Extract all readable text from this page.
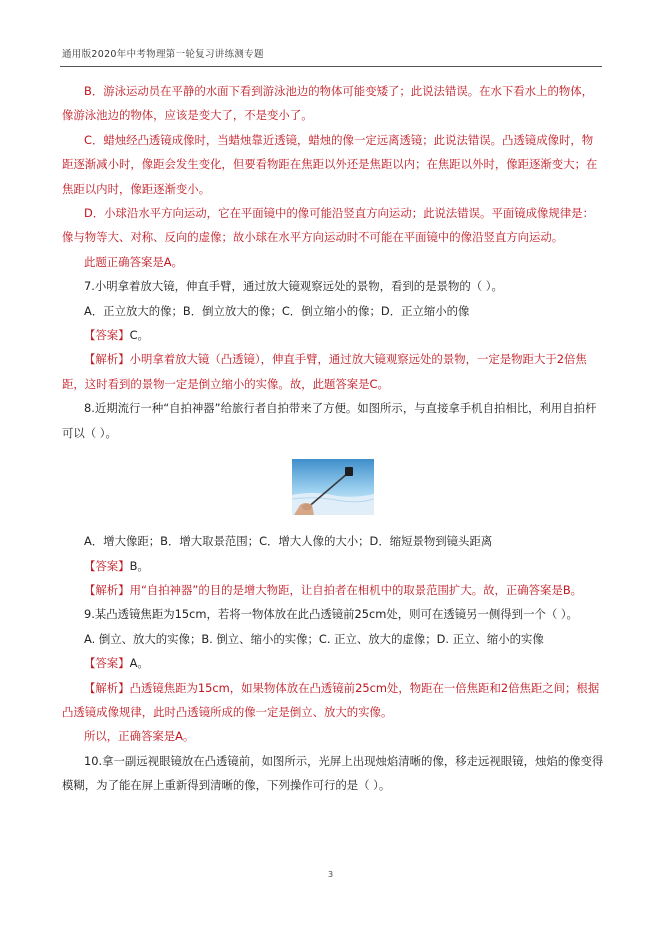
通用版2020年中考物理第一轮复习讲练测专题

B．游泳运动员在平静的水面下看到游泳池边的物体可能变矮了；此说法错误。在水下看水上的物体，像游泳池边的物体，应该是变大了，不是变小了。

C．蜡烛经凸透镜成像时，当蜡烛靠近透镜，蜡烛的像一定远离透镜；此说法错误。凸透镜成像时，物距逐渐减小时，像距会发生变化，但要看物距在焦距以外还是焦距以内；在焦距以外时，像距逐渐变大；在焦距以内时，像距逐渐变小。

D．小球沿水平方向运动，它在平面镜中的像可能沿竖直方向运动；此说法错误。平面镜成像规律是：像与物等大、对称、反向的虚像；故小球在水平方向运动时不可能在平面镜中的像沿竖直方向运动。

此题正确答案是A。

7.小明拿着放大镜，伸直手臂，通过放大镜观察远处的景物，看到的是景物的（ ）。

A．正立放大的像；B．倒立放大的像；C．倒立缩小的像；D．正立缩小的像

【答案】C。

【解析】小明拿着放大镜（凸透镜），伸直手臂，通过放大镜观察远处的景物，一定是物距大于2倍焦距，这时看到的景物一定是倒立缩小的实像。故，此题答案是C。

8.近期流行一种“自拍神器”给旅行者自拍带来了方便。如图所示，与直接拿手机自拍相比，利用自拍杆可以（ ）。

A．增大像距；B．增大取景范围；C．增大人像的大小；D．缩短景物到镜头距离

【答案】B。

【解析】用“自拍神器”的目的是增大物距，让自拍者在相机中的取景范围扩大。故，正确答案是B。

9.某凸透镜焦距为15cm，若将一物体放在此凸透镜前25cm处，则可在透镜另一侧得到一个（ ）。

A. 倒立、放大的实像；B. 倒立、缩小的实像；C. 正立、放大的虚像；D. 正立、缩小的实像

【答案】A。

【解析】凸透镜焦距为15cm，如果物体放在凸透镜前25cm处，物距在一倍焦距和2倍焦距之间；根据凸透镜成像规律，此时凸透镜所成的像一定是倒立、放大的实像。

所以，正确答案是A。

10.拿一副远视眼镜放在凸透镜前，如图所示，光屏上出现烛焰清晰的像，移走远视眼镜，烛焰的像变得模糊，为了能在屏上重新得到清晰的像，下列操作可行的是（ ）。

3
